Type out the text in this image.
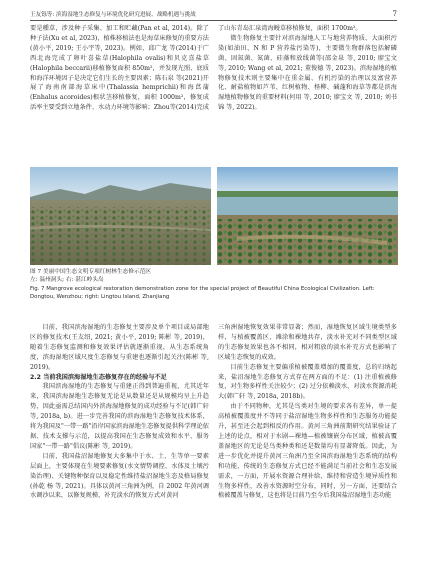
王友铄等: 滨海湿地生态修复与环境优化研究进展、战略机遇与挑战	7

要是種草，涉及种子采集、加工和贮藏(Pan et al, 2014)。除了种子法(Xu et al, 2023)，植株移植法也是海草床修复的重要方法(黄小平, 2019; 王小宇等, 2023)。例如，邱广龙 等(2014)于广西北海完成了卵叶喜盐草(Halophila ovalis)和贝克喜盐草(Halophila beccarii)移植修复面积 850m²，并发现光照、底质和海洋环境因子是决定它们生长的主要因素；陈石泉 等(2021)开展了海南南部海草床中(Thalassia hemprichii)和海菖蒲(Enhalus acoroides)根状茎移植修复，面积 1000m²，修复成活率主要受到立地条件、水动力环境等影响；Zhou等(2014)完成

了山东青岛汇泉湾海鳗草移植修复，面积 1700m²。

微生物修复主要针对滨海湿地人工与地营养物质、大面积污染(如油田、N 和 P 营养盐污染等)，主要微生物群落包括解磷菌、固氮菌、氮菌、硅藻和放线菌等(邵金泉 等, 2010; 廖宝文 等, 2010; Wang et al, 2021; 董俊德 等, 2023)。滨海湿地的植物修复技术则主要集中在重金属、有机污染的治理以及富营养化、耐盐植物如芦苇、红树植物、柽柳、碱蓬和海草等都是滨海湿地植物修复的重要材料(何用 等, 2010; 廖宝文 等, 2010; 刘书锦 等, 2022)。

图 7 美丽中国生态文明专项红树林生态修示范区
左: 温州洞头; 右: 湛江岭头岛
Fig. 7 Mangrove ecological restoration demonstration zone for the special project of Beautiful China Ecological Civilization. Left: Dongtou, Wenzhou; right: Lingtou Island, Zhanjiang

目前，我国滨海湿地的生态修复主要涉及单个项目或局部地区的修复技术(王友绍, 2021; 黄小平, 2019; 陈彬 等, 2019)，随着生态修复监测和修复效果评估就逐渐重视，从生态系统角度，滨海湿地区域尺度生态修复与重建也逐渐引起关注(陈彬 等, 2019)。

2.2 当前我国滨海湿地生态修复存在的经验与不足

我国滨海湿地的生态修复与重建正得到普遍重视，尤其近年来，我国滨海湿地生态修复无论是从数量还是从规模均呈上升趋势，因此亟需总结国内外滨海湿地修复的成功经验与不足(韩广轩 等, 2018a, b)。进一步完善我国的滨海湿地生态修复技术体系，将为我国及"一带一路"沿岸国家滨海湿地生态修复提供科学理论依据、技术支撑与示范，以提高我国在生态修复成效和水平、服务国家"一带一路"倡议(陈彬 等, 2019)。

目前，我国盐沼湿地修复大多集中于水、土、生等单一要素层面上，主要体现在生境要素修复(水文情势调控、水体及土壤污染治理)、关键物种保育以及稳定性维持盐沼湿地生态及格局修复(孙乾 杨 等, 2021)。具体以黄河三角洲为例，自 2002 年黄河调水调沙以来，以修复规模、补充淡水的恢复方式对黄河

三角洲湿地恢复效果非常显著；然而，湿地恢复区域生境类型多样，与植被覆盖区、滩涂和裸地共存，淡水补充对不同类型区域的生态修复效果也各不相同，相对粗放的淡水补充方式也影响了区域生态恢复的成效。

目前生态修复主要偏重植被覆盖增加的覆盖度，总的归纳起来，盐沼湿地生态修复方式存在两方面的不足：(1) 注重植被修复，对生物多样性关注较少；(2) 过分依赖淡水，对淡水资源消耗大(韩广轩 等, 2018a, 2018b)。

由于不同物种，尤其是鸟类对生境的要求各有差异，单一提高植被覆盖度并不等同于盐沼湿地生物多样性和生态服务功能提升，甚至还会起到相反的作用。黄河三角洲前期研究结果验证了上述的论点，相对于水剧—裸地—植被镶嵌分布区域，植被高覆盖湿地区的无论是鸟类种类和还是数量均有显著降低。因此，为进一步优化并提升黄河三角洲乃至全国滨海湿地生态系统的结构和功能，传统的生态修复方式已经不能满足当前社会和生态发展需求，一方面，开展水资源合理补给、维持和营造生境异质性和生物多样性，改善水资源时空分布，同时，另一方面，还要结合植被覆盖与修复，这也将是目前乃至今后我国盐沼湿地生态功能
